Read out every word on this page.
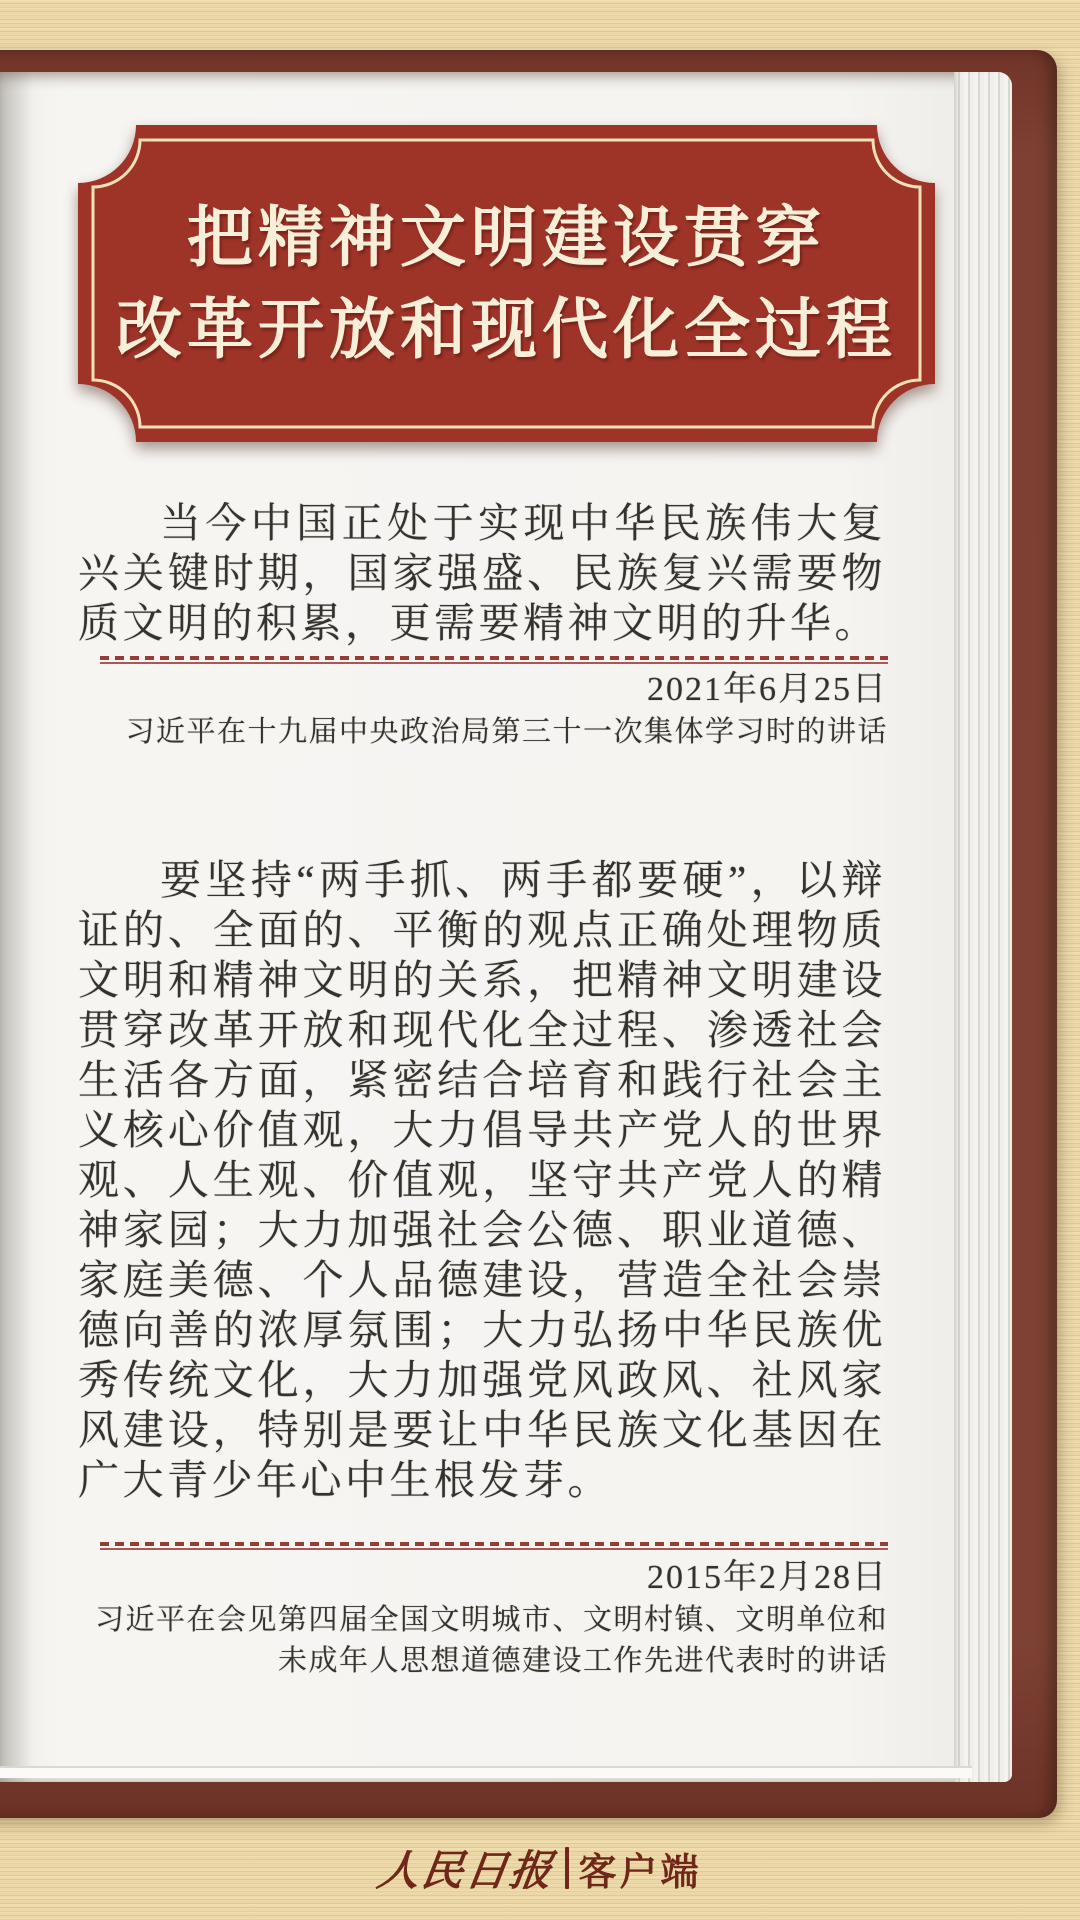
把精神文明建设贯穿
改革开放和现代化全过程
当今中国正处于实现中华民族伟大复兴关键时期，国家强盛、民族复兴需要物质文明的积累，更需要精神文明的升华。
2021年6月25日
习近平在十九届中央政治局第三十一次集体学习时的讲话
要坚持“两手抓、两手都要硬”，以辩证的、全面的、平衡的观点正确处理物质文明和精神文明的关系，把精神文明建设贯穿改革开放和现代化全过程、渗透社会生活各方面，紧密结合培育和践行社会主义核心价值观，大力倡导共产党人的世界观、人生观、价值观，坚守共产党人的精神家园；大力加强社会公德、职业道德、家庭美德、个人品德建设，营造全社会崇德向善的浓厚氛围；大力弘扬中华民族优秀传统文化，大力加强党风政风、社风家风建设，特别是要让中华民族文化基因在广大青少年心中生根发芽。
2015年2月28日
习近平在会见第四届全国文明城市、文明村镇、文明单位和
未成年人思想道德建设工作先进代表时的讲话
人民日报 客户端
